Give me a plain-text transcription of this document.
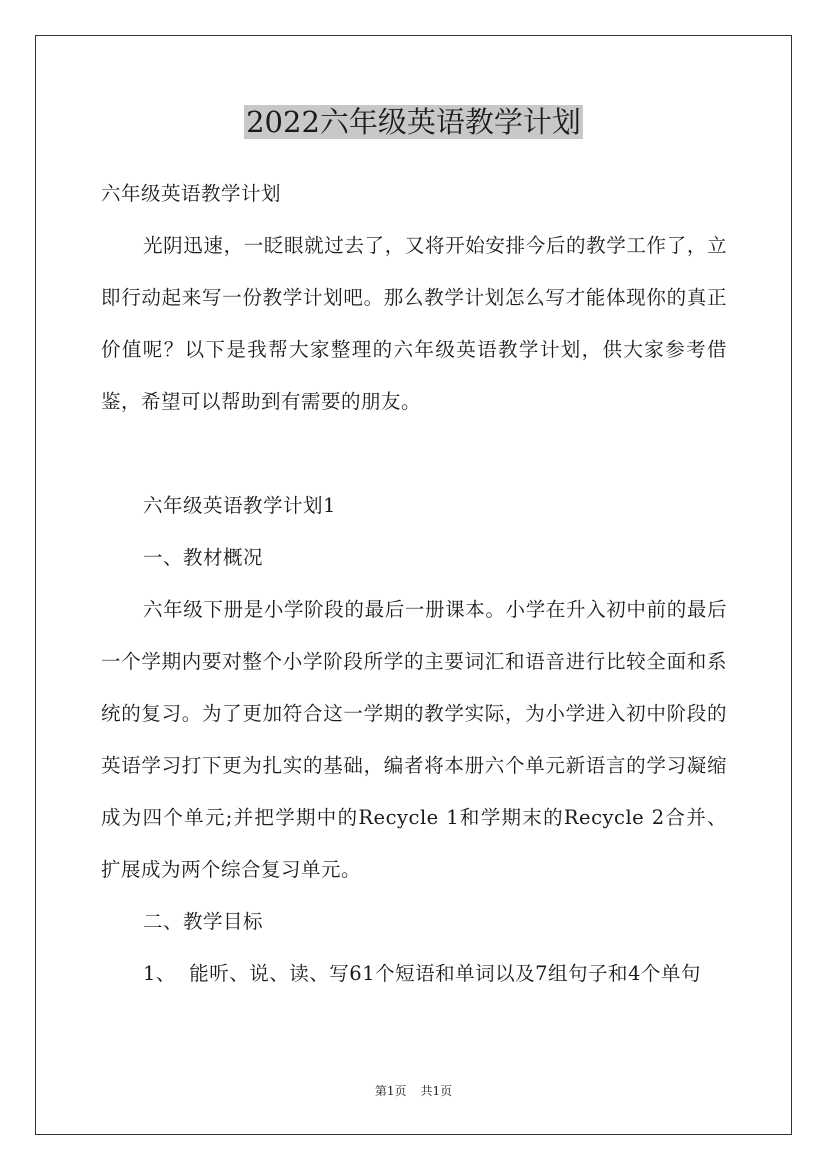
2022六年级英语教学计划

六年级英语教学计划

光阴迅速，一眨眼就过去了，又将开始安排今后的教学工作了，立即行动起来写一份教学计划吧。那么教学计划怎么写才能体现你的真正价值呢？以下是我帮大家整理的六年级英语教学计划，供大家参考借鉴，希望可以帮助到有需要的朋友。

六年级英语教学计划1

一、教材概况

六年级下册是小学阶段的最后一册课本。小学在升入初中前的最后一个学期内要对整个小学阶段所学的主要词汇和语音进行比较全面和系统的复习。为了更加符合这一学期的教学实际，为小学进入初中阶段的英语学习打下更为扎实的基础，编者将本册六个单元新语言的学习凝缩成为四个单元;并把学期中的Recycle 1和学期末的Recycle 2合并、扩展成为两个综合复习单元。

二、教学目标

1、  能听、说、读、写61个短语和单词以及7组句子和4个单句

第1页 共1页
